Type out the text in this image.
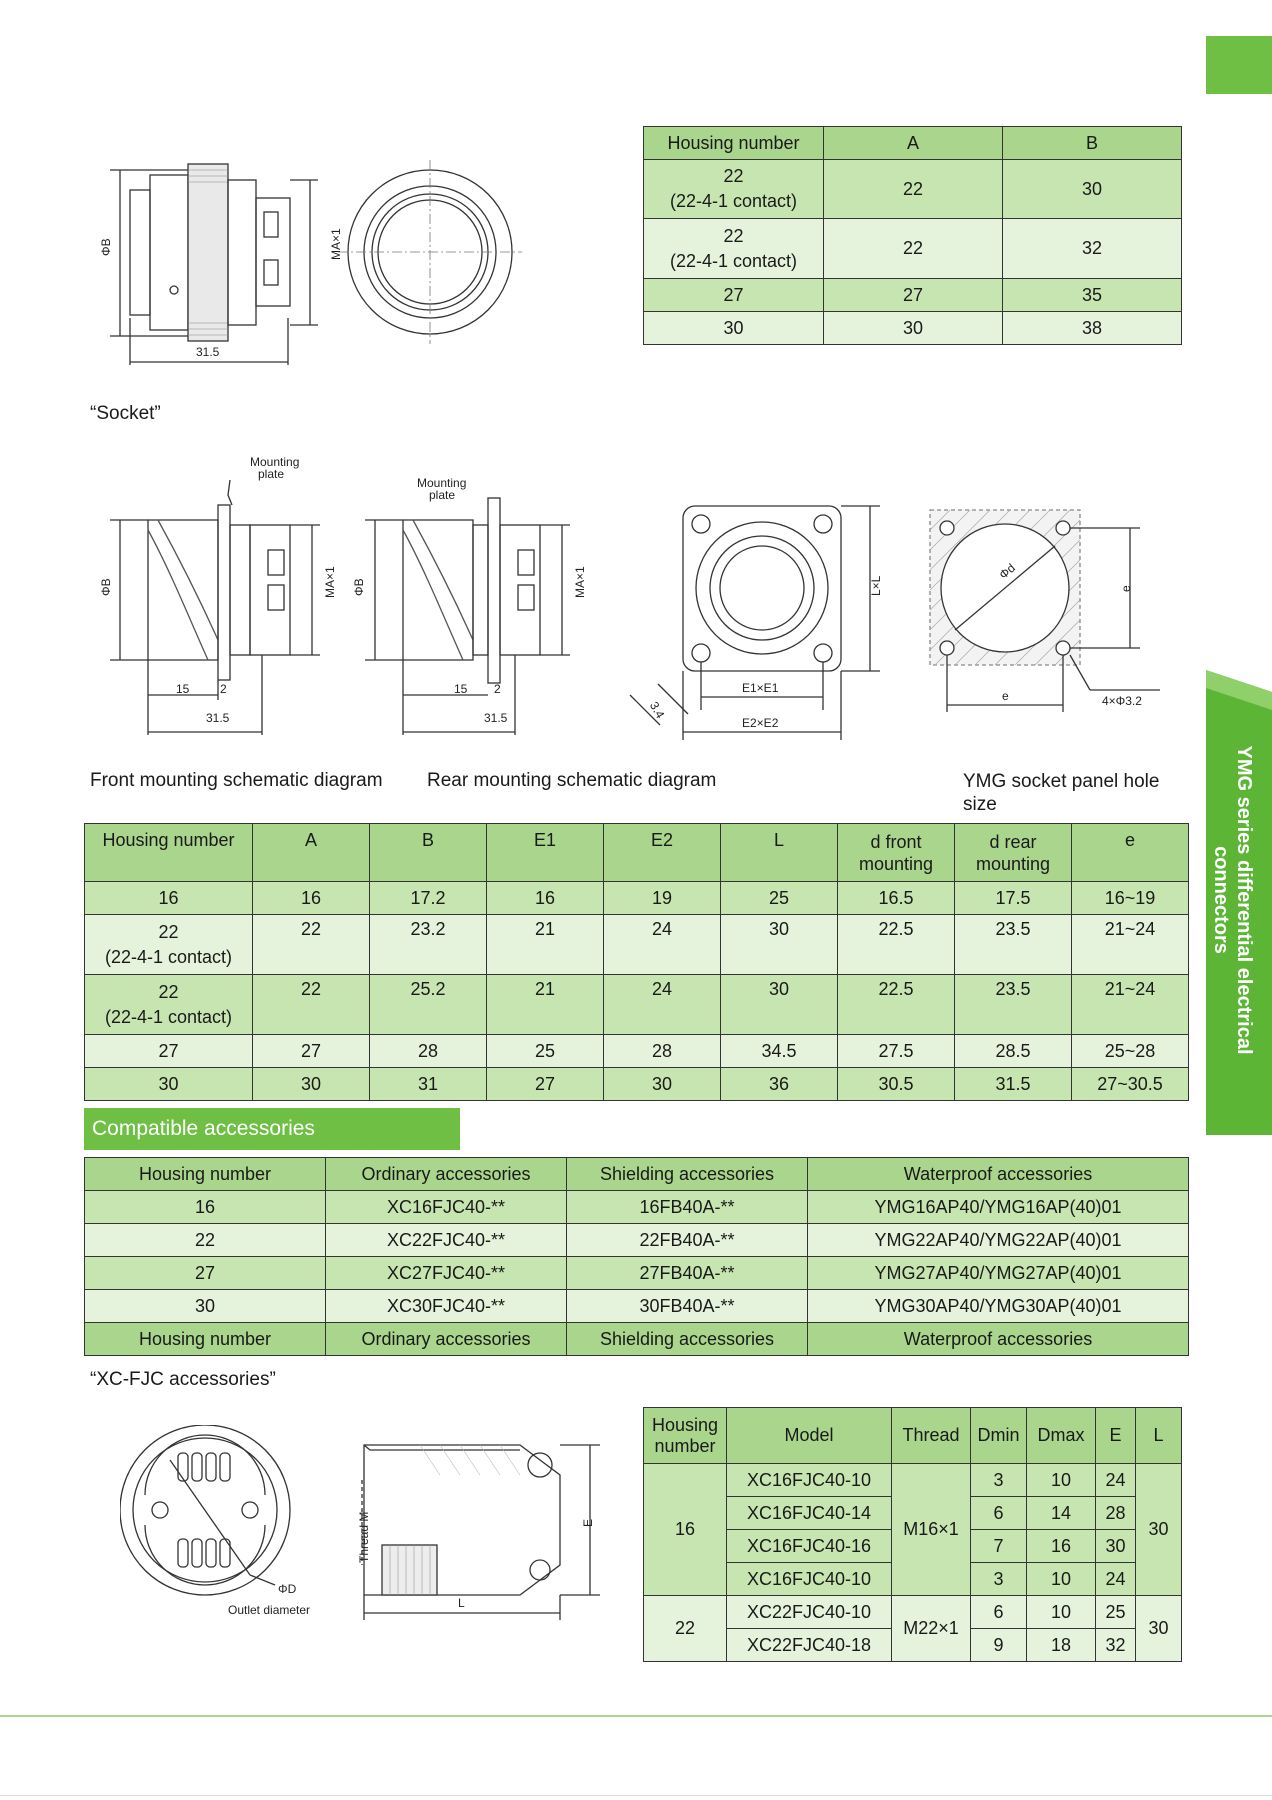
YMG series differential electrical
connectors
ΦB	MA×1
31.5
Housing number	A	B

22
(22-4-1 contact)	22	30

22
(22-4-1 contact)	22	32
27	27	35
30	30	38
“Socket”
Mounting
plate
Mounting
plate
ΦB	MA×1
15	2
31.5
ΦB	MA×1
15 2
31.5
L×L
E1×E1
E2×E2
3.4
Φd
e
e	4×Φ3.2
Front mounting schematic diagram Rear mounting schematic diagram	YMG socket panel hole
size
Housing number	A	B	E1	E2	L	d front mounting	d rear mounting	e
16	16	17.2	16	19	25	16.5	17.5	16~19

22
(22-4-1 contact)	22	23.2	21	24	30	22.5	23.5	21~24

22
(22-4-1 contact)	22	25.2	21	24	30	22.5	23.5	21~24
27	27	28	25	28	34.5	27.5	28.5	25~28
30	30	31	27	30	36	30.5	31.5	27~30.5
Compatible accessories
Housing number	Ordinary accessories	Shielding accessories	Waterproof accessories
16	XC16FJC40-**	16FB40A-**	YMG16AP40/YMG16AP(40)01
22	XC22FJC40-**	22FB40A-**	YMG22AP40/YMG22AP(40)01
27	XC27FJC40-**	27FB40A-**	YMG27AP40/YMG27AP(40)01
30	XC30FJC40-**	30FB40A-**	YMG30AP40/YMG30AP(40)01
Housing number	Ordinary accessories	Shielding accessories	Waterproof accessories
“XC-FJC accessories”
ΦD
Outlet diameter
Thread M	E
L
Housing
number	Model	Thread	Dmin	Dmax	E	L
16	XC16FJC40-10	M16×1	3	10	24	30
	XC16FJC40-14		6	14	28	
	XC16FJC40-16		7	16	30	
	XC16FJC40-10		3	10	24	
22	XC22FJC40-10	M22×1	6	10	25	30
	XC22FJC40-18		9	18	32	
